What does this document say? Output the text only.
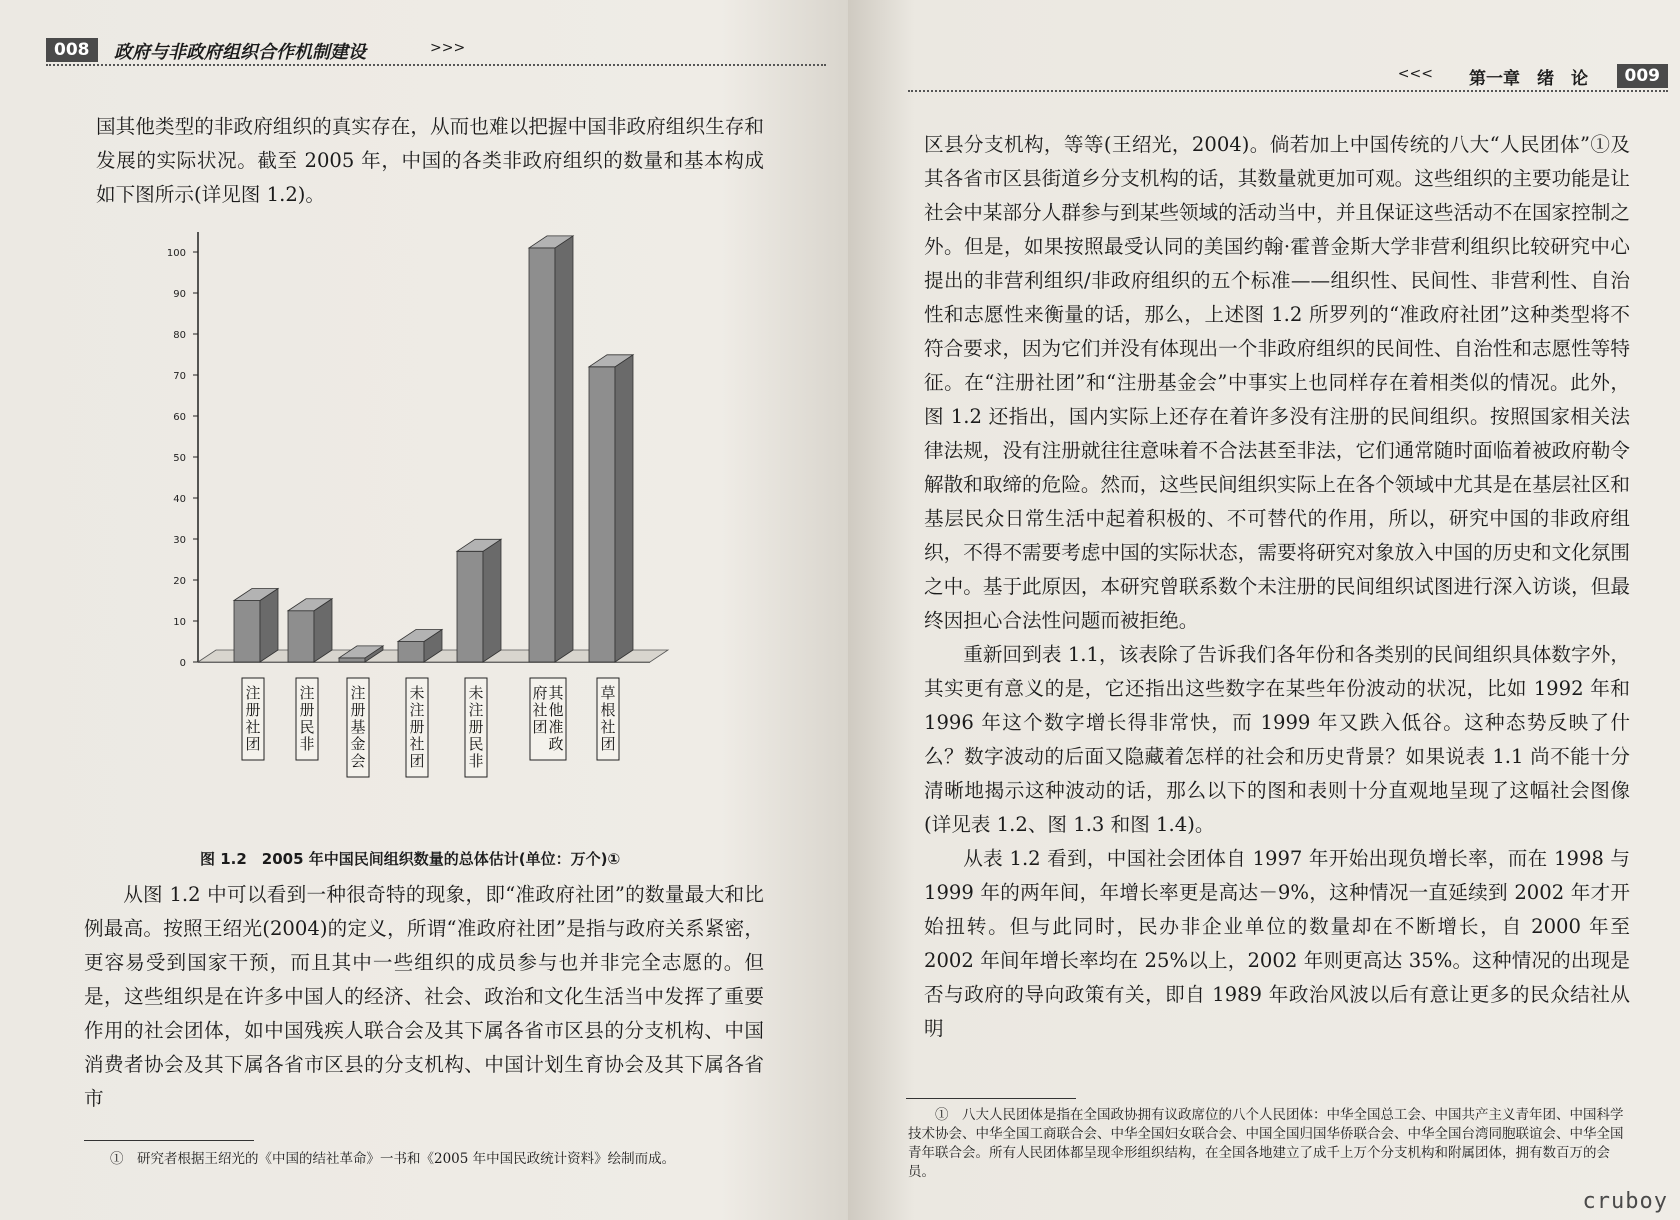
008	政府与非政府组织合作机制建设	>>>

国其他类型的非政府组织的真实存在，从而也难以把握中国非政府组织生存和发展的实际状况。截至 2005 年，中国的各类非政府组织的数量和基本构成如下图所示(详见图 1.2)。

0
10
20
30
40
50
60
70
80
90
100
注册社团
注册民非
注册基金会
未注册社团
未注册民非
其他准政府社团
草根社团
图 1.2　2005 年中国民间组织数量的总体估计(单位：万个)①

从图 1.2 中可以看到一种很奇特的现象，即“准政府社团”的数量最大和比例最高。按照王绍光(2004)的定义，所谓“准政府社团”是指与政府关系紧密，更容易受到国家干预，而且其中一些组织的成员参与也并非完全志愿的。但是，这些组织是在许多中国人的经济、社会、政治和文化生活当中发挥了重要作用的社会团体，如中国残疾人联合会及其下属各省市区县的分支机构、中国消费者协会及其下属各省市区县的分支机构、中国计划生育协会及其下属各省市

①　研究者根据王绍光的《中国的结社革命》一书和《2005 年中国民政统计资料》绘制而成。
<<< 第一章　绪　论	009

区县分支机构，等等(王绍光，2004)。倘若加上中国传统的八大“人民团体”①及其各省市区县街道乡分支机构的话，其数量就更加可观。这些组织的主要功能是让社会中某部分人群参与到某些领域的活动当中，并且保证这些活动不在国家控制之外。但是，如果按照最受认同的美国约翰·霍普金斯大学非营利组织比较研究中心提出的非营利组织/非政府组织的五个标准——组织性、民间性、非营利性、自治性和志愿性来衡量的话，那么，上述图 1.2 所罗列的“准政府社团”这种类型将不符合要求，因为它们并没有体现出一个非政府组织的民间性、自治性和志愿性等特征。在“注册社团”和“注册基金会”中事实上也同样存在着相类似的情况。此外，图 1.2 还指出，国内实际上还存在着许多没有注册的民间组织。按照国家相关法律法规，没有注册就往往意味着不合法甚至非法，它们通常随时面临着被政府勒令解散和取缔的危险。然而，这些民间组织实际上在各个领域中尤其是在基层社区和基层民众日常生活中起着积极的、不可替代的作用，所以，研究中国的非政府组织，不得不需要考虑中国的实际状态，需要将研究对象放入中国的历史和文化氛围之中。基于此原因，本研究曾联系数个未注册的民间组织试图进行深入访谈，但最终因担心合法性问题而被拒绝。

重新回到表 1.1，该表除了告诉我们各年份和各类别的民间组织具体数字外，其实更有意义的是，它还指出这些数字在某些年份波动的状况，比如 1992 年和 1996 年这个数字增长得非常快，而 1999 年又跌入低谷。这种态势反映了什么？数字波动的后面又隐藏着怎样的社会和历史背景？如果说表 1.1 尚不能十分清晰地揭示这种波动的话，那么以下的图和表则十分直观地呈现了这幅社会图像(详见表 1.2、图 1.3 和图 1.4)。

从表 1.2 看到，中国社会团体自 1997 年开始出现负增长率，而在 1998 与 1999 年的两年间，年增长率更是高达－9%，这种情况一直延续到 2002 年才开始扭转。但与此同时，民办非企业单位的数量却在不断增长，自 2000 年至 2002 年间年增长率均在 25%以上，2002 年则更高达 35%。这种情况的出现是否与政府的导向政策有关，即自 1989 年政治风波以后有意让更多的民众结社从明

①　八大人民团体是指在全国政协拥有议政席位的八个人民团体：中华全国总工会、中国共产主义青年团、中国科学技术协会、中华全国工商联合会、中华全国妇女联合会、中国全国归国华侨联合会、中华全国台湾同胞联谊会、中华全国青年联合会。所有人民团体都呈现伞形组织结构，在全国各地建立了成千上万个分支机构和附属团体，拥有数百万的会员。
cruboy
